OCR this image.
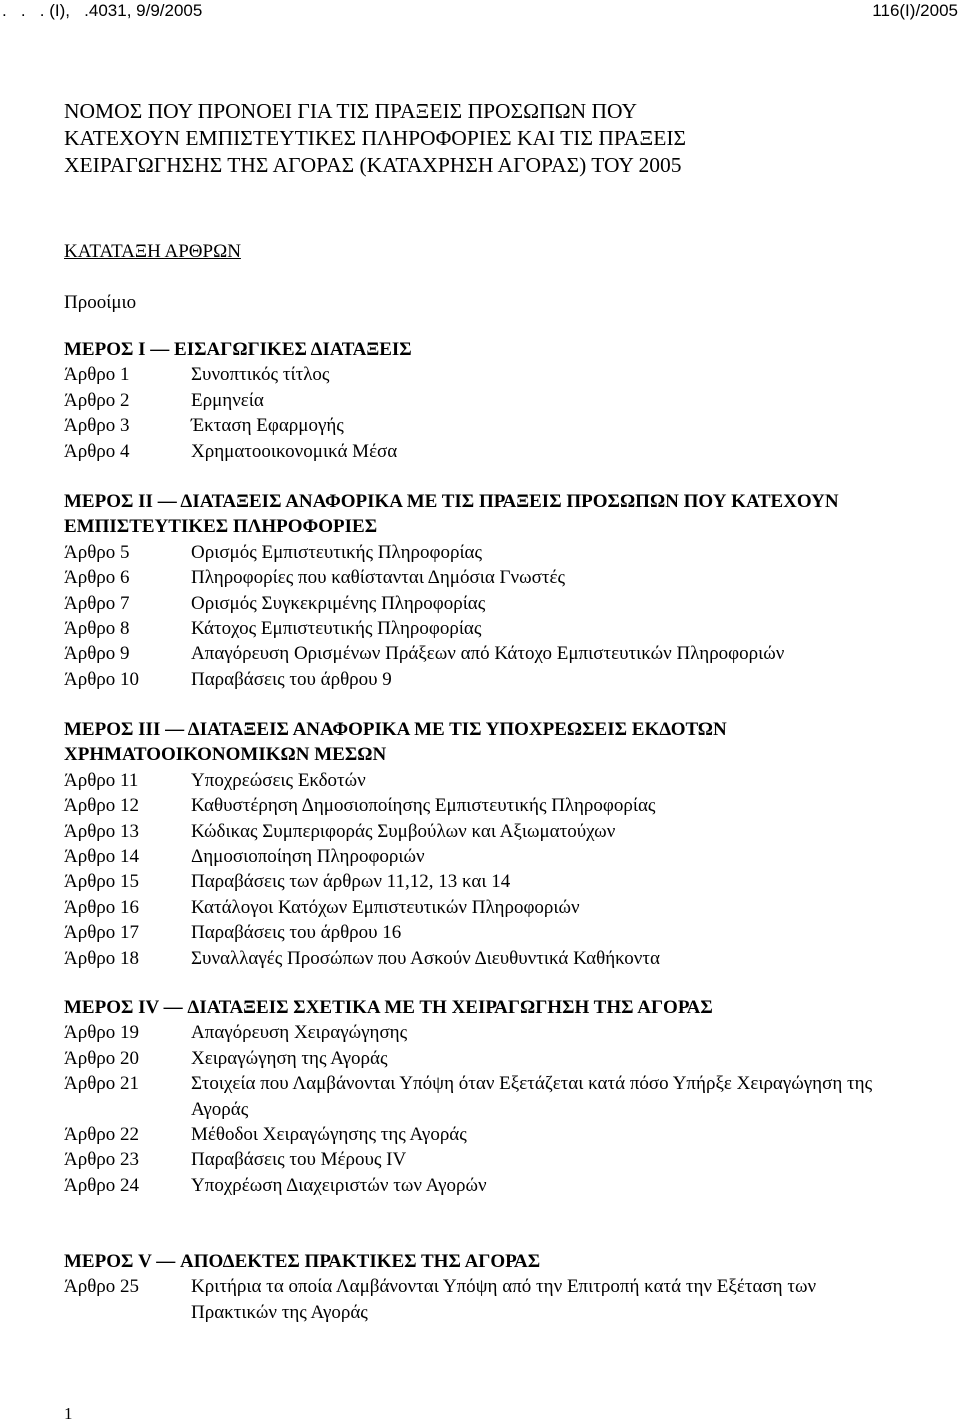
.   .   . (Ι),   .4031, 9/9/2005	116(Ι)/2005
ΝΟΜΟΣ ΠΟΥ ΠΡΟΝΟΕΙ ΓΙΑ ΤΙΣ ΠΡΑΞΕΙΣ ΠΡΟΣΩΠΩΝ ΠΟΥ
ΚΑΤΕΧΟΥΝ ΕΜΠΙΣΤΕΥΤΙΚΕΣ ΠΛΗΡΟΦΟΡΙΕΣ ΚΑΙ ΤΙΣ ΠΡΑΞΕΙΣ
ΧΕΙΡΑΓΩΓΗΣΗΣ ΤΗΣ ΑΓΟΡΑΣ (ΚΑΤΑΧΡΗΣΗ ΑΓΟΡΑΣ) ΤΟΥ 2005
ΚΑΤΑΤΑΞΗ ΑΡΘΡΩΝ
Προοίμιο
ΜΕΡΟΣ Ι — ΕΙΣΑΓΩΓΙΚΕΣ ΔΙΑΤΑΞΕΙΣ
Άρθρο 1	Συνοπτικός τίτλος
Άρθρο 2	Ερμηνεία
Άρθρο 3	Έκταση Εφαρμογής
Άρθρο 4	Χρηματοοικονομικά Μέσα
ΜΕΡΟΣ ΙΙ — ΔΙΑΤΑΞΕΙΣ ΑΝΑΦΟΡΙΚΑ ΜΕ ΤΙΣ ΠΡΑΞΕΙΣ ΠΡΟΣΩΠΩΝ ΠΟΥ ΚΑΤΕΧΟΥΝ ΕΜΠΙΣΤΕΥΤΙΚΕΣ ΠΛΗΡΟΦΟΡΙΕΣ
Άρθρο 5	Ορισμός Εμπιστευτικής Πληροφορίας
Άρθρο 6	Πληροφορίες που καθίστανται Δημόσια Γνωστές
Άρθρο 7	Ορισμός Συγκεκριμένης Πληροφορίας
Άρθρο 8	Κάτοχος Εμπιστευτικής Πληροφορίας
Άρθρο 9	Απαγόρευση Ορισμένων Πράξεων από Κάτοχο Εμπιστευτικών Πληροφοριών
Άρθρο 10	Παραβάσεις του άρθρου 9
ΜΕΡΟΣ ΙΙΙ — ΔΙΑΤΑΞΕΙΣ ΑΝΑΦΟΡΙΚΑ ΜΕ ΤΙΣ ΥΠΟΧΡΕΩΣΕΙΣ ΕΚΔΟΤΩΝ ΧΡΗΜΑΤΟΟΙΚΟΝΟΜΙΚΩΝ ΜΕΣΩΝ
Άρθρο 11	Υποχρεώσεις Εκδοτών
Άρθρο 12	Καθυστέρηση Δημοσιοποίησης Εμπιστευτικής Πληροφορίας
Άρθρο 13	Κώδικας Συμπεριφοράς Συμβούλων και Αξιωματούχων
Άρθρο 14	Δημοσιοποίηση Πληροφοριών
Άρθρο 15	Παραβάσεις των άρθρων 11,12, 13 και 14
Άρθρο 16	Κατάλογοι Κατόχων Εμπιστευτικών Πληροφοριών
Άρθρο 17	Παραβάσεις του άρθρου 16
Άρθρο 18	Συναλλαγές Προσώπων που Ασκούν Διευθυντικά Καθήκοντα
ΜΕΡΟΣ ΙV — ΔΙΑΤΑΞΕΙΣ ΣΧΕΤΙΚΑ ΜΕ ΤΗ ΧΕΙΡΑΓΩΓΗΣΗ ΤΗΣ ΑΓΟΡΑΣ
Άρθρο 19	Απαγόρευση Χειραγώγησης
Άρθρο 20	Χειραγώγηση της Αγοράς
Άρθρο 21	Στοιχεία που Λαμβάνονται Υπόψη όταν Εξετάζεται κατά πόσο Υπήρξε Χειραγώγηση της Αγοράς
Άρθρο 22	Μέθοδοι Χειραγώγησης της Αγοράς
Άρθρο 23	Παραβάσεις του Μέρους IV
Άρθρο 24	Υποχρέωση Διαχειριστών των Αγορών
ΜΕΡΟΣ V — ΑΠΟΔΕΚΤΕΣ ΠΡΑΚΤΙΚΕΣ ΤΗΣ ΑΓΟΡΑΣ
Άρθρο 25	Κριτήρια τα οποία Λαμβάνονται Υπόψη από την Επιτροπή κατά την Εξέταση των Πρακτικών της Αγοράς
1
